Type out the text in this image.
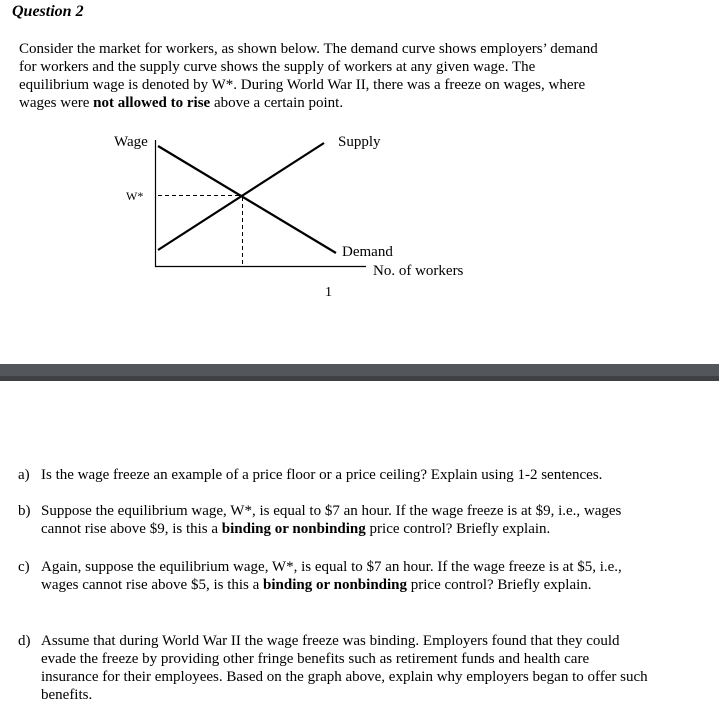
Question 2
Consider the market for workers, as shown below. The demand curve shows employers’ demand
for workers and the supply curve shows the supply of workers at any given wage. The
equilibrium wage is denoted by W*. During World War II, there was a freeze on wages, where
wages were not allowed to rise above a certain point.
Wage
W*
Supply
Demand
No. of workers
1
a) Is the wage freeze an example of a price floor or a price ceiling? Explain using 1-2 sentences.
b) Suppose the equilibrium wage, W*, is equal to $7 an hour. If the wage freeze is at $9, i.e., wages cannot rise above $9, is this a binding or nonbinding price control? Briefly explain.
c) Again, suppose the equilibrium wage, W*, is equal to $7 an hour. If the wage freeze is at $5, i.e., wages cannot rise above $5, is this a binding or nonbinding price control? Briefly explain.
d) Assume that during World War II the wage freeze was binding. Employers found that they could evade the freeze by providing other fringe benefits such as retirement funds and health care insurance for their employees. Based on the graph above, explain why employers began to offer such benefits.
